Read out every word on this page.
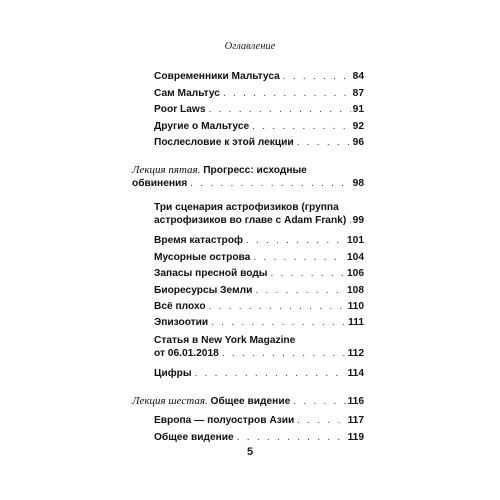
Оглавление
Современники Мальтуса . . .	84
Сам Мальтус . . .	87
Poor Laws . . .	91
Другие о Мальтусе . . .	92
Послесловие к этой лекции . . .	96
Лекция пятая. Прогресс: исходные
обвинения . . .	98
Три сценария астрофизиков (группа
астрофизиков во главе с Adam Frank) . . . 99
Время катастроф . . .	101
Мусорные острова . . .	104
Запасы пресной воды . . .	106
Биоресурсы Земли . . .	108
Всё плохо . . .	110
Эпизоотии . . .	111
Статья в New York Magazine
от 06.01.2018 . . .	112
Цифры . . .	114
Лекция шестая. Общее видение . . .	116
Европа — полуостров Азии . . .	117
Общее видение . . .	119
5
